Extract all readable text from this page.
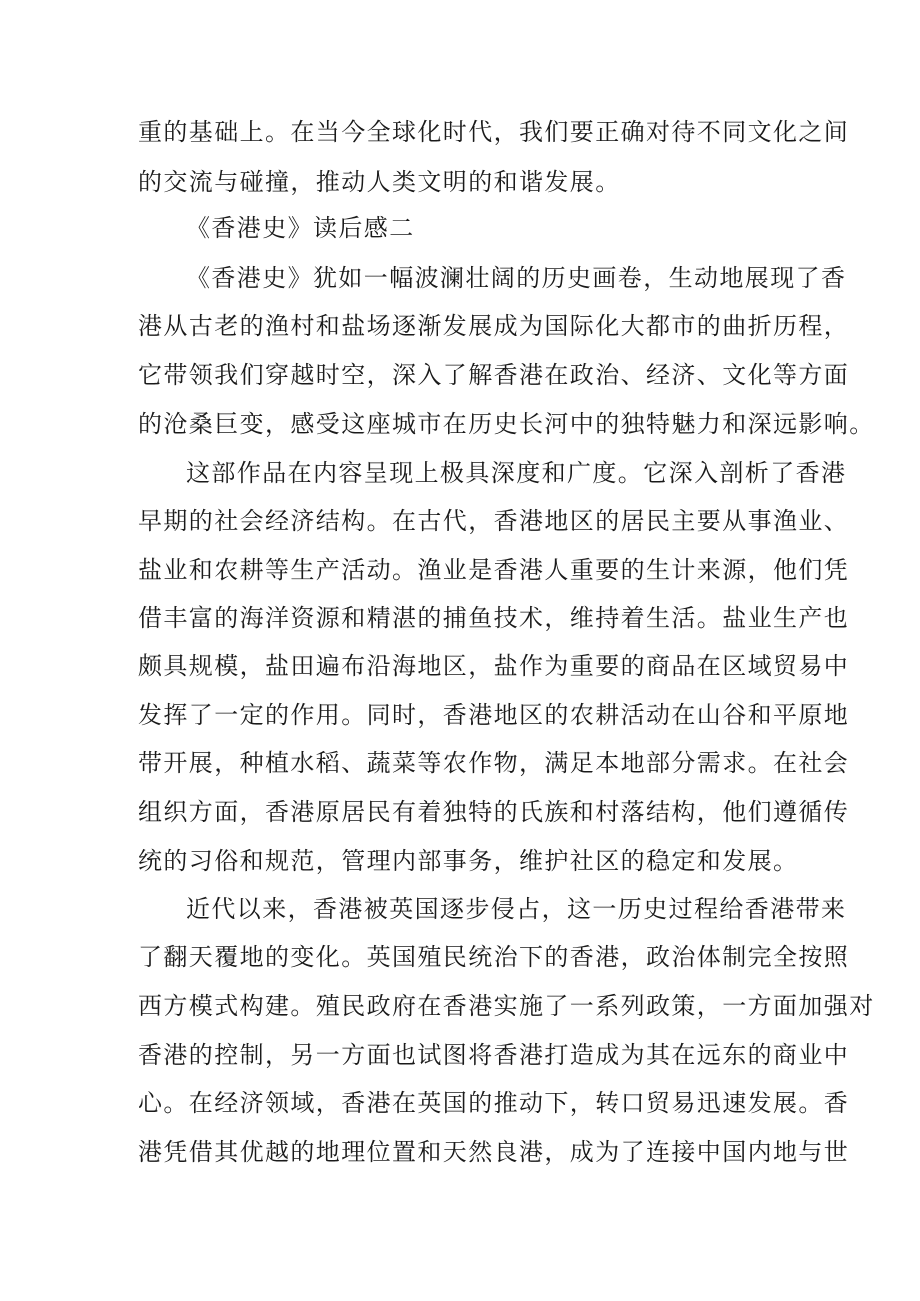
重的基础上。在当今全球化时代，我们要正确对待不同文化之间
的交流与碰撞，推动人类文明的和谐发展。
《香港史》读后感二
《香港史》犹如一幅波澜壮阔的历史画卷，生动地展现了香
港从古老的渔村和盐场逐渐发展成为国际化大都市的曲折历程，
它带领我们穿越时空，深入了解香港在政治、经济、文化等方面
的沧桑巨变，感受这座城市在历史长河中的独特魅力和深远影响。
这部作品在内容呈现上极具深度和广度。它深入剖析了香港
早期的社会经济结构。在古代，香港地区的居民主要从事渔业、
盐业和农耕等生产活动。渔业是香港人重要的生计来源，他们凭
借丰富的海洋资源和精湛的捕鱼技术，维持着生活。盐业生产也
颇具规模，盐田遍布沿海地区，盐作为重要的商品在区域贸易中
发挥了一定的作用。同时，香港地区的农耕活动在山谷和平原地
带开展，种植水稻、蔬菜等农作物，满足本地部分需求。在社会
组织方面，香港原居民有着独特的氏族和村落结构，他们遵循传
统的习俗和规范，管理内部事务，维护社区的稳定和发展。
近代以来，香港被英国逐步侵占，这一历史过程给香港带来
了翻天覆地的变化。英国殖民统治下的香港，政治体制完全按照
西方模式构建。殖民政府在香港实施了一系列政策，一方面加强对
香港的控制，另一方面也试图将香港打造成为其在远东的商业中
心。在经济领域，香港在英国的推动下，转口贸易迅速发展。香
港凭借其优越的地理位置和天然良港，成为了连接中国内地与世
